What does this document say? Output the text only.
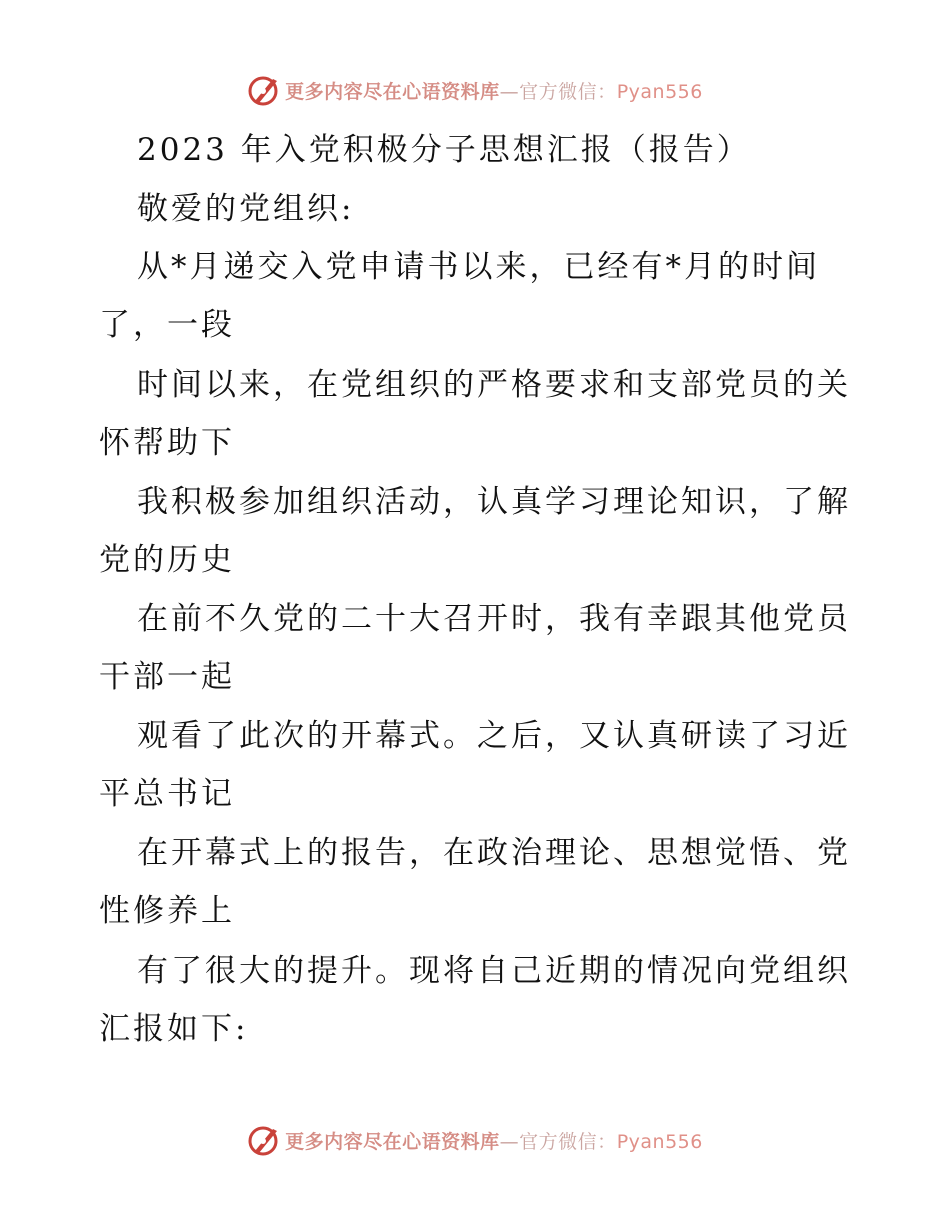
更多内容尽在心语资料库—官方微信：Pyan556
2023 年入党积极分子思想汇报（报告）
敬爱的党组织:
从*月递交入党申请书以来，已经有*月的时间
了，一段
时间以来，在党组织的严格要求和支部党员的关
怀帮助下
我积极参加组织活动，认真学习理论知识，了解
党的历史
在前不久党的二十大召开时，我有幸跟其他党员
干部一起
观看了此次的开幕式。之后，又认真研读了习近
平总书记
在开幕式上的报告，在政治理论、思想觉悟、党
性修养上
有了很大的提升。现将自己近期的情况向党组织
汇报如下:
更多内容尽在心语资料库—官方微信：Pyan556
